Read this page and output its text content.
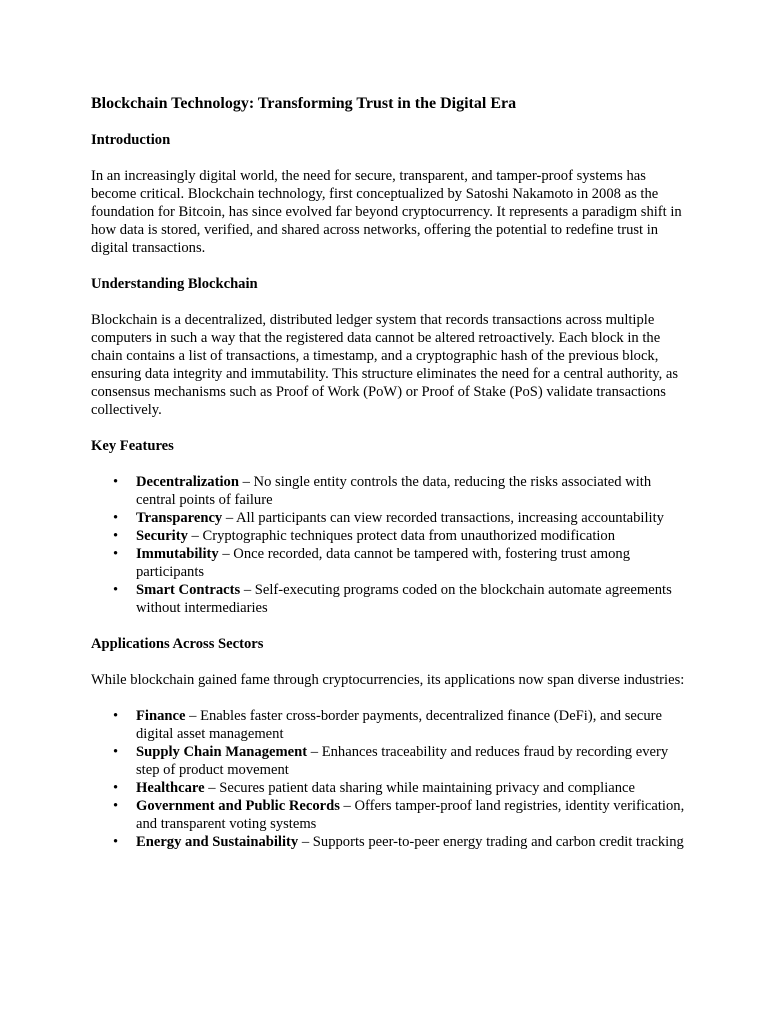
Blockchain Technology: Transforming Trust in the Digital Era
Introduction

In an increasingly digital world, the need for secure, transparent, and tamper-proof systems has become critical. Blockchain technology, first conceptualized by Satoshi Nakamoto in 2008 as the foundation for Bitcoin, has since evolved far beyond cryptocurrency. It represents a paradigm shift in how data is stored, verified, and shared across networks, offering the potential to redefine trust in digital transactions.

Understanding Blockchain

Blockchain is a decentralized, distributed ledger system that records transactions across multiple computers in such a way that the registered data cannot be altered retroactively. Each block in the chain contains a list of transactions, a timestamp, and a cryptographic hash of the previous block, ensuring data integrity and immutability. This structure eliminates the need for a central authority, as consensus mechanisms such as Proof of Work (PoW) or Proof of Stake (PoS) validate transactions collectively.

Key Features
• Decentralization – No single entity controls the data, reducing the risks associated with central points of failure
• Transparency – All participants can view recorded transactions, increasing accountability
• Security – Cryptographic techniques protect data from unauthorized modification
• Immutability – Once recorded, data cannot be tampered with, fostering trust among participants
• Smart Contracts – Self-executing programs coded on the blockchain automate agreements without intermediaries
Applications Across Sectors

While blockchain gained fame through cryptocurrencies, its applications now span diverse industries:

• Finance – Enables faster cross-border payments, decentralized finance (DeFi), and secure digital asset management
• Supply Chain Management – Enhances traceability and reduces fraud by recording every step of product movement
• Healthcare – Secures patient data sharing while maintaining privacy and compliance
• Government and Public Records – Offers tamper-proof land registries, identity verification, and transparent voting systems
• Energy and Sustainability – Supports peer-to-peer energy trading and carbon credit tracking
